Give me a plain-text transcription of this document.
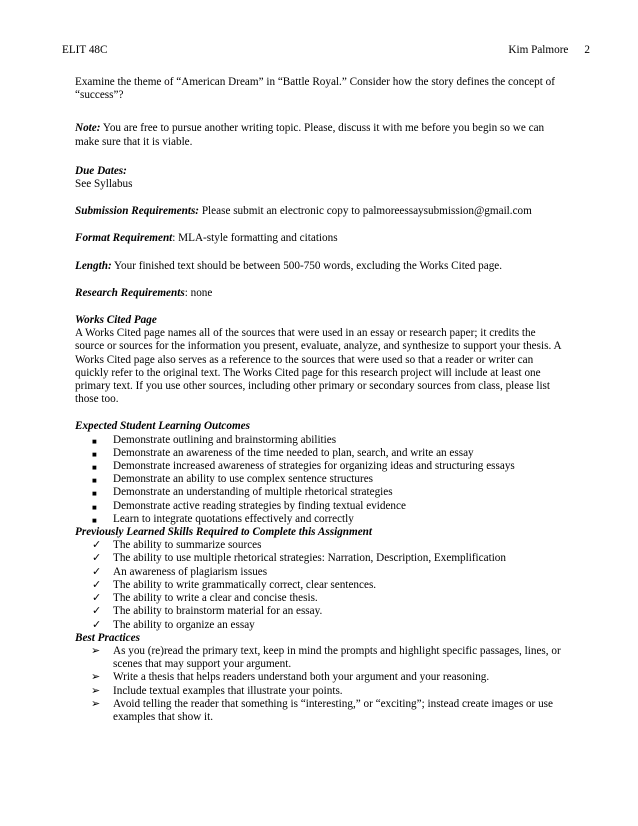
ELIT 48C	Kim Palmore 2

Examine the theme of “American Dream” in “Battle Royal.” Consider how the story defines the concept of “success”?

Note: You are free to pursue another writing topic. Please, discuss it with me before you begin so we can make sure that it is viable.

Due Dates:
See Syllabus

Submission Requirements: Please submit an electronic copy to palmoreessaysubmission@gmail.com

Format Requirement: MLA-style formatting and citations

Length: Your finished text should be between 500-750 words, excluding the Works Cited page.

Research Requirements: none

Works Cited Page
A Works Cited page names all of the sources that were used in an essay or research paper; it credits the source or sources for the information you present, evaluate, analyze, and synthesize to support your thesis. A Works Cited page also serves as a reference to the sources that were used so that a reader or writer can quickly refer to the original text. The Works Cited page for this research project will include at least one primary text. If you use other sources, including other primary or secondary sources from class, please list those too.

Expected Student Learning Outcomes

■ Demonstrate outlining and brainstorming abilities
■ Demonstrate an awareness of the time needed to plan, search, and write an essay
■ Demonstrate increased awareness of strategies for organizing ideas and structuring essays
■ Demonstrate an ability to use complex sentence structures
■ Demonstrate an understanding of multiple rhetorical strategies
■ Demonstrate active reading strategies by finding textual evidence
■ Learn to integrate quotations effectively and correctly

Previously Learned Skills Required to Complete this Assignment

✓ The ability to summarize sources
✓ The ability to use multiple rhetorical strategies: Narration, Description, Exemplification
✓ An awareness of plagiarism issues
✓ The ability to write grammatically correct, clear sentences.
✓ The ability to write a clear and concise thesis.
✓ The ability to brainstorm material for an essay.
✓ The ability to organize an essay

Best Practices

➢ As you (re)read the primary text, keep in mind the prompts and highlight specific passages, lines, or scenes that may support your argument.
➢ Write a thesis that helps readers understand both your argument and your reasoning.
➢ Include textual examples that illustrate your points.
➢ Avoid telling the reader that something is “interesting,” or “exciting”; instead create images or use examples that show it.
